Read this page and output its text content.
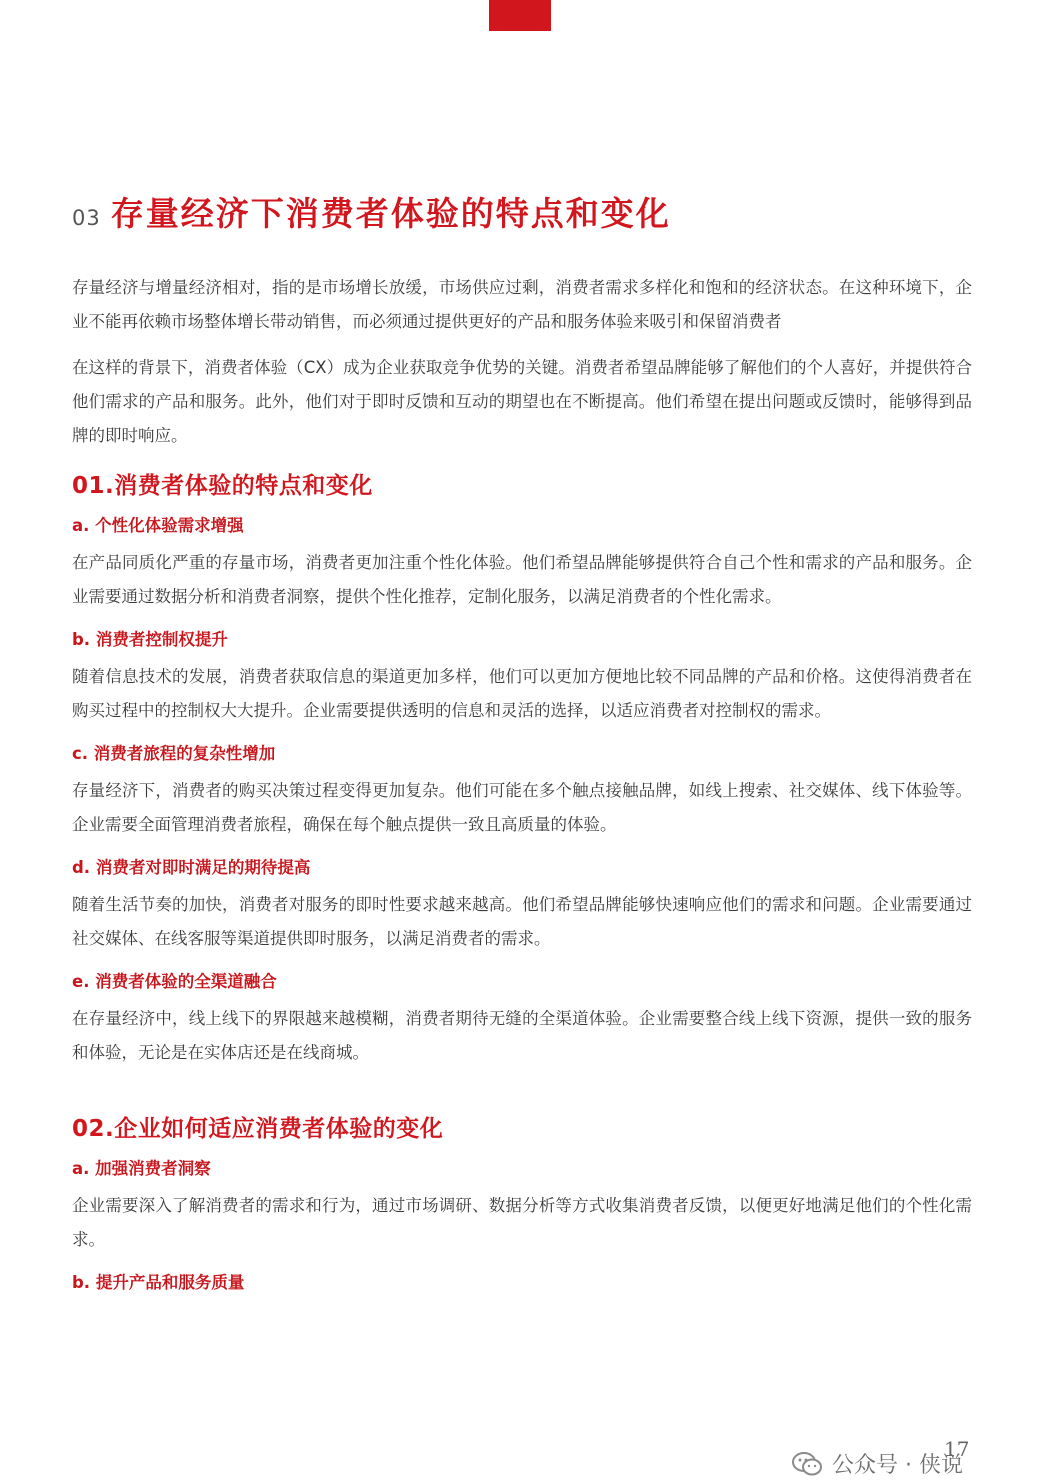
03 存量经济下消费者体验的特点和变化

存量经济与增量经济相对，指的是市场增长放缓，市场供应过剩，消费者需求多样化和饱和的经济状态。在这种环境下，企业不能再依赖市场整体增长带动销售，而必须通过提供更好的产品和服务体验来吸引和保留消费者

在这样的背景下，消费者体验（CX）成为企业获取竞争优势的关键。消费者希望品牌能够了解他们的个人喜好，并提供符合他们需求的产品和服务。此外，他们对于即时反馈和互动的期望也在不断提高。他们希望在提出问题或反馈时，能够得到品牌的即时响应。

01.消费者体验的特点和变化
a. 个性化体验需求增强

在产品同质化严重的存量市场，消费者更加注重个性化体验。他们希望品牌能够提供符合自己个性和需求的产品和服务。企业需要通过数据分析和消费者洞察，提供个性化推荐，定制化服务，以满足消费者的个性化需求。

b. 消费者控制权提升

随着信息技术的发展，消费者获取信息的渠道更加多样，他们可以更加方便地比较不同品牌的产品和价格。这使得消费者在购买过程中的控制权大大提升。企业需要提供透明的信息和灵活的选择，以适应消费者对控制权的需求。

c. 消费者旅程的复杂性增加

存量经济下，消费者的购买决策过程变得更加复杂。他们可能在多个触点接触品牌，如线上搜索、社交媒体、线下体验等。企业需要全面管理消费者旅程，确保在每个触点提供一致且高质量的体验。

d. 消费者对即时满足的期待提高

随着生活节奏的加快，消费者对服务的即时性要求越来越高。他们希望品牌能够快速响应他们的需求和问题。企业需要通过社交媒体、在线客服等渠道提供即时服务，以满足消费者的需求。

e. 消费者体验的全渠道融合

在存量经济中，线上线下的界限越来越模糊，消费者期待无缝的全渠道体验。企业需要整合线上线下资源，提供一致的服务和体验，无论是在实体店还是在线商城。

02.企业如何适应消费者体验的变化
a. 加强消费者洞察

企业需要深入了解消费者的需求和行为，通过市场调研、数据分析等方式收集消费者反馈，以便更好地满足他们的个性化需求。

b. 提升产品和服务质量
公众号 · 侠说
17
